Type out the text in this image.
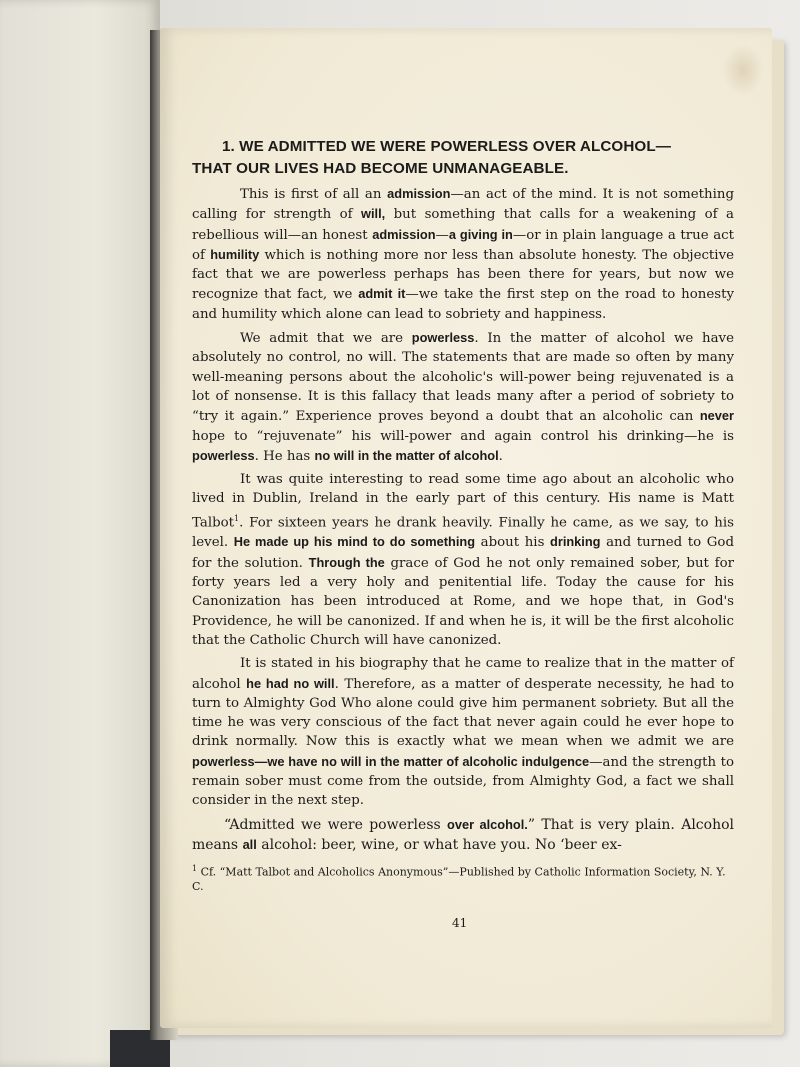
1. WE ADMITTED WE WERE POWERLESS OVER ALCOHOL—
THAT OUR LIVES HAD BECOME UNMANAGEABLE.

This is first of all an admission—an act of the mind. It is not something calling for strength of will, but something that calls for a weakening of a rebellious will—an honest admission—a giving in—or in plain language a true act of humility which is nothing more nor less than absolute honesty. The objective fact that we are powerless perhaps has been there for years, but now we recognize that fact, we admit it—we take the first step on the road to honesty and humility which alone can lead to sobriety and happiness.

We admit that we are powerless. In the matter of alcohol we have absolutely no control, no will. The statements that are made so often by many well-meaning persons about the alcoholic's will-power being rejuvenated is a lot of nonsense. It is this fallacy that leads many after a period of sobriety to “try it again.” Experience proves beyond a doubt that an alcoholic can never hope to “rejuvenate” his will-power and again control his drinking—he is powerless. He has no will in the matter of alcohol.

It was quite interesting to read some time ago about an alcoholic who lived in Dublin, Ireland in the early part of this century. His name is Matt Talbot$^1$. For sixteen years he drank heavily. Finally he came, as we say, to his level. He made up his mind to do something about his drinking and turned to God for the solution. Through the grace of God he not only remained sober, but for forty years led a very holy and penitential life. Today the cause for his Canonization has been introduced at Rome, and we hope that, in God's Providence, he will be canonized. If and when he is, it will be the first alcoholic that the Catholic Church will have canonized.

It is stated in his biography that he came to realize that in the matter of alcohol he had no will. Therefore, as a matter of desperate necessity, he had to turn to Almighty God Who alone could give him permanent sobriety. But all the time he was very conscious of the fact that never again could he ever hope to drink normally. Now this is exactly what we mean when we admit we are powerless—we have no will in the matter of alcoholic indulgence—and the strength to remain sober must come from the outside, from Almighty God, a fact we shall consider in the next step.

“Admitted we were powerless over alcohol.” That is very plain. Alcohol means all alcohol: beer, wine, or what have you. No ‘beer ex-

$^1$ Cf. “Matt Talbot and Alcoholics Anonymous”—Published by Catholic Information Society, N. Y. C.
41
